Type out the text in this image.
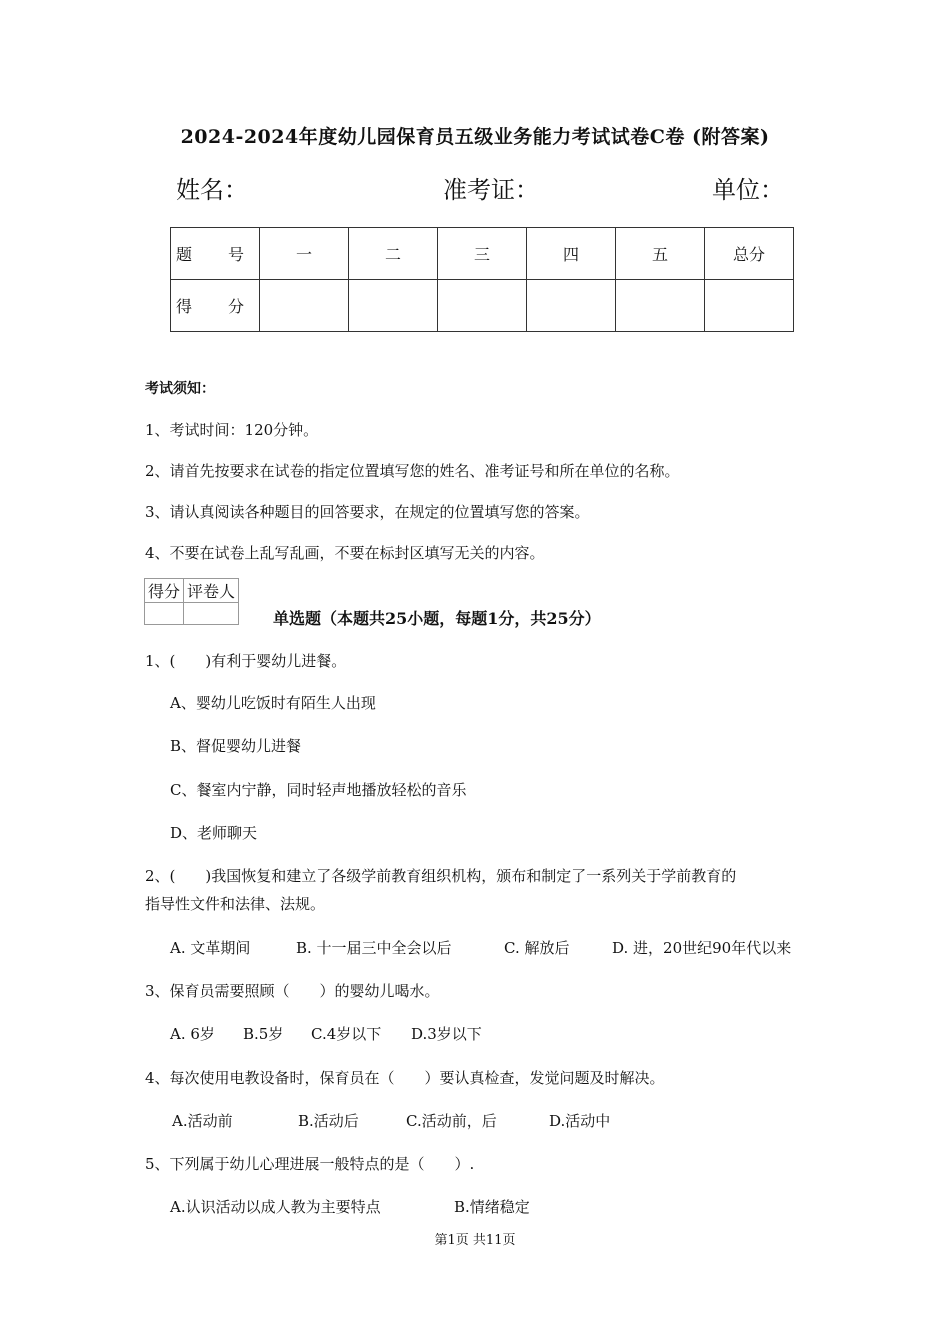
2024-2024年度幼儿园保育员五级业务能力考试试卷C卷 (附答案)
姓名：	准考证：	单位：
题　号	一	二	三	四	五	总分
得　分						
考试须知：
1、考试时间：120分钟。
2、请首先按要求在试卷的指定位置填写您的姓名、准考证号和所在单位的名称。
3、请认真阅读各种题目的回答要求，在规定的位置填写您的答案。
4、不要在试卷上乱写乱画，不要在标封区填写无关的内容。
得分	评卷人

单选题（本题共25小题，每题1分，共25分）
1、(　　)有利于婴幼儿进餐。
A、婴幼儿吃饭时有陌生人出现
B、督促婴幼儿进餐
C、餐室内宁静，同时轻声地播放轻松的音乐
D、老师聊天
2、(　　)我国恢复和建立了各级学前教育组织机构，颁布和制定了一系列关于学前教育的
指导性文件和法律、法规。
A. 文革期间	B. 十一届三中全会以后	C. 解放后	D. 进，20世纪90年代以来
3、保育员需要照顾（　　）的婴幼儿喝水。
A. 6岁 B.5岁 C.4岁以下 D.3岁以下
4、每次使用电教设备时，保育员在（　　）要认真检查，发觉问题及时解决。
A.活动前	B.活动后	C.活动前，后	D.活动中
5、下列属于幼儿心理进展一般特点的是（　　）.
A.认识活动以成人教为主要特点	B.情绪稳定
第1页 共11页
